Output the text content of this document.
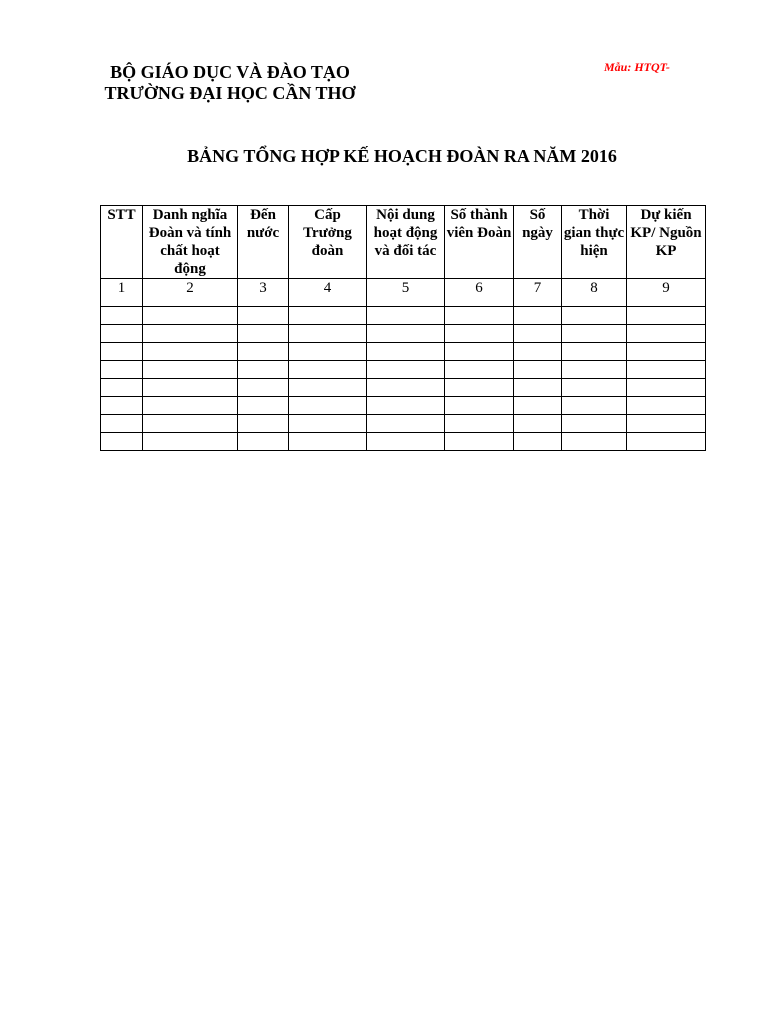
BỘ GIÁO DỤC VÀ ĐÀO TẠO
TRƯỜNG ĐẠI HỌC CẦN THƠ
Mẫu: HTQT-
BẢNG TỔNG HỢP KẾ HOẠCH ĐOÀN RA NĂM 2016
STT	Danh nghĩa Đoàn và tính chất hoạt động	Đến nước	Cấp Trưởng đoàn	Nội dung hoạt động và đối tác	Số thành viên Đoàn	Số ngày	Thời gian thực hiện	Dự kiến KP/ Nguồn KP
1	2	3	4	5	6	7	8	9
